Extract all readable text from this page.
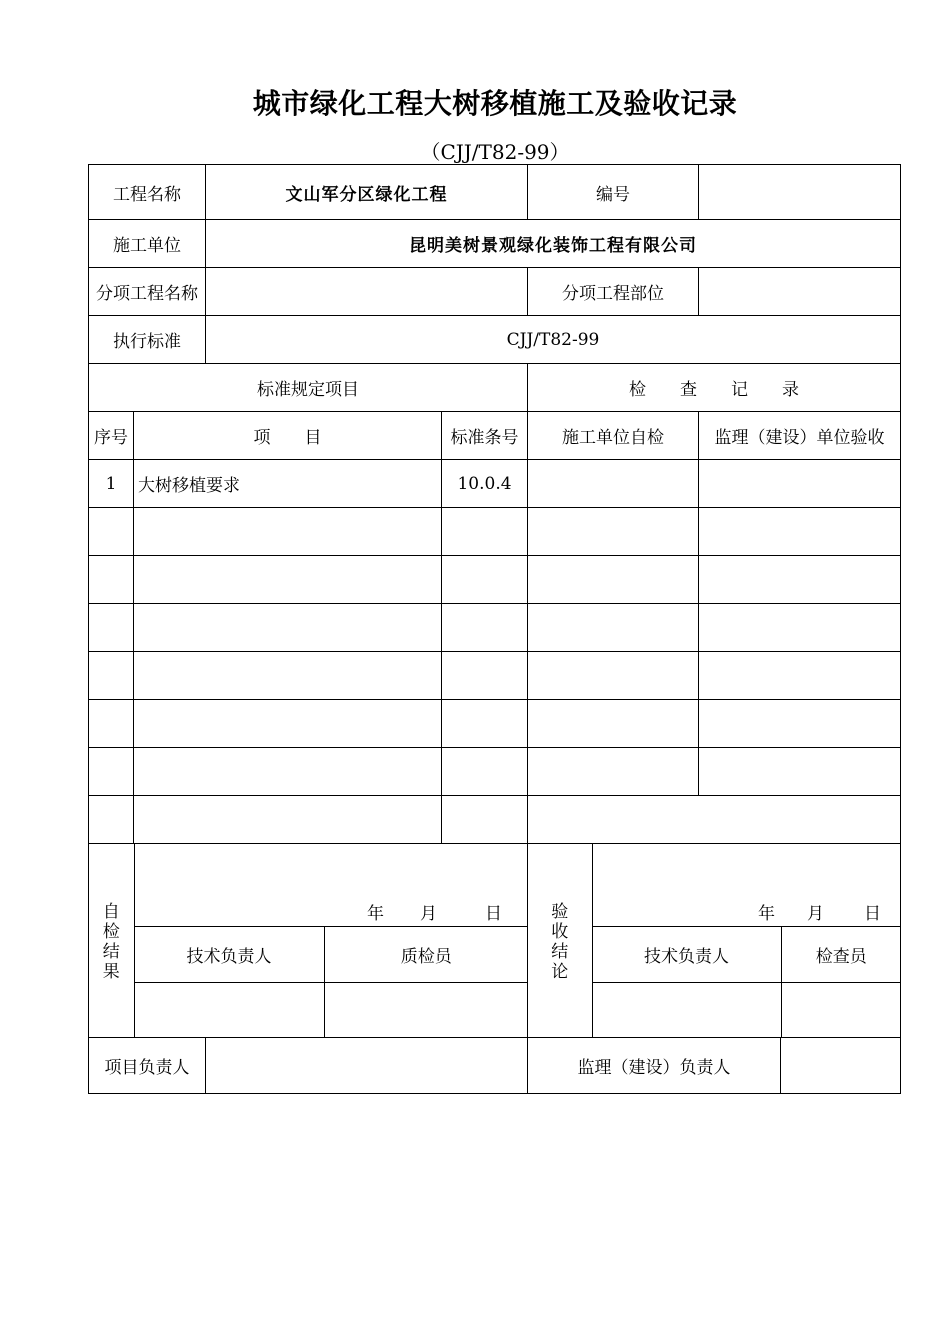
城市绿化工程大树移植施工及验收记录
（CJJ/T82-99）
工程名称	文山军分区绿化工程	编号	
施工单位	昆明美树景观绿化装饰工程有限公司
分项工程名称		分项工程部位	
执行标准	CJJ/T82-99
标准规定项目	检　　查　　记　　录
序号	项　　目	标准条号	施工单位自检	监理（建设）单位验收
1	大树移植要求	10.0.4		

自
检
结
果

年 月	日

技术负责人	质检员

验
收
结
论

年 月 日

技术负责人	检查员

项目负责人		监理（建设）负责人	
